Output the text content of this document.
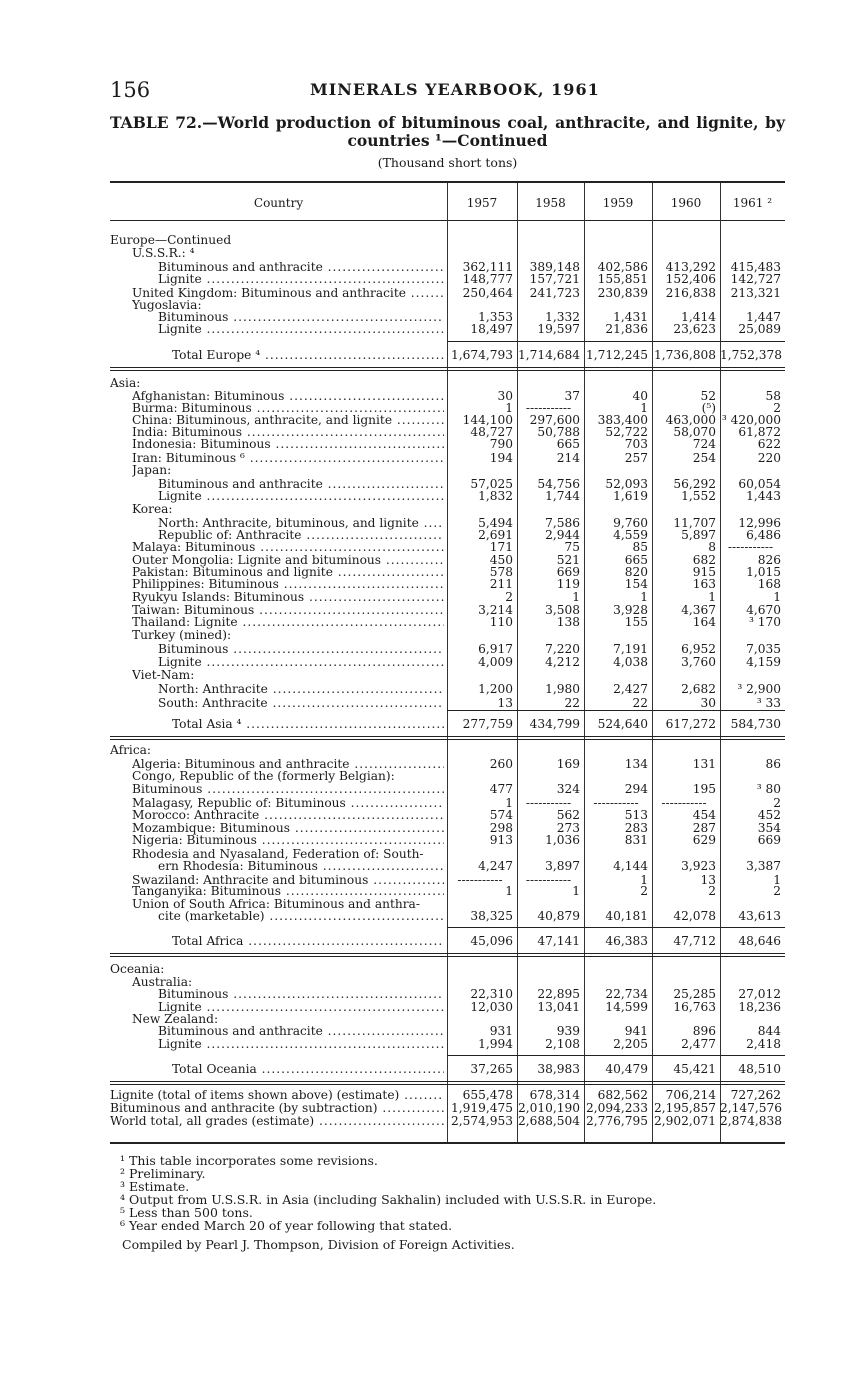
156	MINERALS YEARBOOK, 1961
TABLE 72.—World production of bituminous coal, anthracite, and lignite, by
countries ¹—Continued
(Thousand short tons)
Country	1957	1958	1959	1960	1961 ²
Europe—Continued
U.S.S.R.: ⁴
Bituminous and anthracite .....	362,111	389,148	402,586	413,292	415,483
Lignite .....	148,777	157,721	155,851	152,406	142,727
United Kingdom: Bituminous and anthracite .....	250,464	241,723	230,839	216,838	213,321
Yugoslavia:
Bituminous .....	1,353	1,332	1,431	1,414	1,447
Lignite .....	18,497	19,597	21,836	23,623	25,089
Total Europe ⁴ .....	1,674,793 1,714,684 1,712,245 1,736,808 1,752,378
Asia:
Afghanistan: Bituminous .....	30	37	40	52	58
Burma: Bituminous .....	1	-----------	1	(⁵)	2
China: Bituminous, anthracite, and lignite .....	144,100	297,600	383,400	463,000 ³ 420,000
India: Bituminous .....	48,727	50,788	52,722	58,070	61,872
Indonesia: Bituminous .....	790	665	703	724	622
Iran: Bituminous ⁶ .....	194	214	257	254	220
Japan:
Bituminous and anthracite .....	57,025	54,756	52,093	56,292	60,054
Lignite .....	1,832	1,744	1,619	1,552	1,443
Korea:
North: Anthracite, bituminous, and lignite .....	5,494	7,586	9,760	11,707	12,996
Republic of: Anthracite .....	2,691	2,944	4,559	5,897	6,486
Malaya: Bituminous .....	171	75	85	8 -----------
Outer Mongolia: Lignite and bituminous .....	450	521	665	682	826
Pakistan: Bituminous and lignite .....	578	669	820	915	1,015
Philippines: Bituminous .....	211	119	154	163	168
Ryukyu Islands: Bituminous .....	2	1	1	1	1
Taiwan: Bituminous .....	3,214	3,508	3,928	4,367	4,670
Thailand: Lignite .....	110	138	155	164	³ 170
Turkey (mined):
Bituminous .....	6,917	7,220	7,191	6,952	7,035
Lignite .....	4,009	4,212	4,038	3,760	4,159
Viet-Nam:
North: Anthracite .....	1,200	1,980	2,427	2,682	³ 2,900
South: Anthracite .....	13	22	22	30	³ 33
Total Asia ⁴ .....	277,759	434,799	524,640	617,272	584,730
Africa:
Algeria: Bituminous and anthracite .....	260	169	134	131	86
Congo, Republic of the (formerly Belgian):
Bituminous .....	477	324	294	195	³ 80
Malagasy, Republic of: Bituminous .....	1	-----------	-----------	-----------	2
Morocco: Anthracite .....	574	562	513	454	452
Mozambique: Bituminous .....	298	273	283	287	354
Nigeria: Bituminous .....	913	1,036	831	629	669
Rhodesia and Nyasaland, Federation of: South-
ern Rhodesia: Bituminous .....	4,247	3,897	4,144	3,923	3,387
Swaziland: Anthracite and bituminous .....	-----------	-----------	1	13	1
Tanganyika: Bituminous .....	1	1	2	2	2
Union of South Africa: Bituminous and anthra-
cite (marketable) .....	38,325	40,879	40,181	42,078	43,613
Total Africa .....	45,096	47,141	46,383	47,712	48,646
Oceania:
Australia:
Bituminous .....	22,310	22,895	22,734	25,285	27,012
Lignite .....	12,030	13,041	14,599	16,763	18,236
New Zealand:
Bituminous and anthracite .....	931	939	941	896	844
Lignite .....	1,994	2,108	2,205	2,477	2,418
Total Oceania .....	37,265	38,983	40,479	45,421	48,510
Lignite (total of items shown above) (estimate) .....	655,478	678,314	682,562	706,214	727,262
Bituminous and anthracite (by subtraction) .....	1,919,475 2,010,190 2,094,233 2,195,857 2,147,576
World total, all grades (estimate) .....	2,574,953 2,688,504 2,776,795 2,902,071 2,874,838
¹ This table incorporates some revisions.
² Preliminary.
³ Estimate.
⁴ Output from U.S.S.R. in Asia (including Sakhalin) included with U.S.S.R. in Europe.
⁵ Less than 500 tons.
⁶ Year ended March 20 of year following that stated.
Compiled by Pearl J. Thompson, Division of Foreign Activities.
